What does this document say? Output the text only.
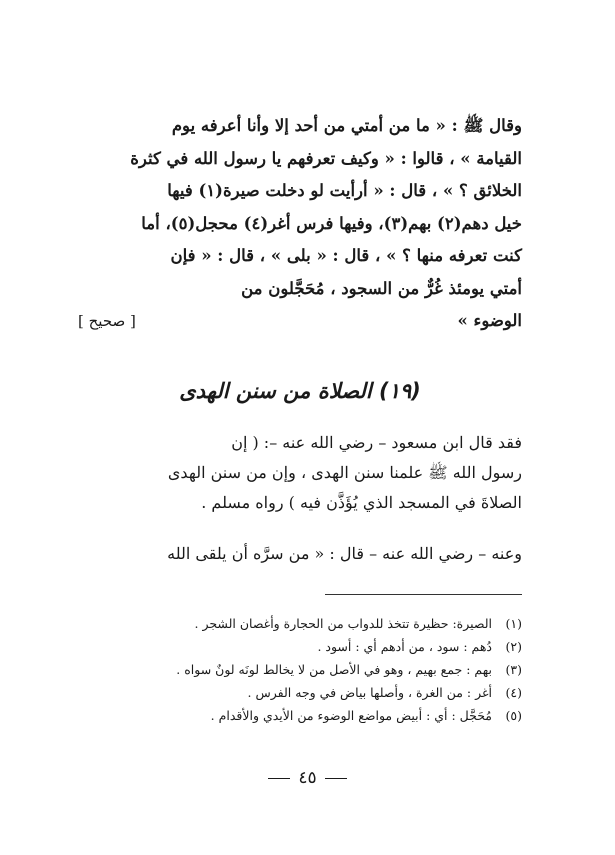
وقال ﷺ : « ما من أمتي من أحد إلا وأنا أعرفه يوم
القيامة » ، قالوا : « وكيف تعرفهم يا رسول الله في كثرة
الخلائق ؟ » ، قال : « أرأيت لو دخلت صيرة(١) فيها
خيل دهم(٢) بهم(٣)، وفيها فرس أغر(٤) محجل(٥)، أما
كنت تعرفه منها ؟ » ، قال : « بلى » ، قال : « فإن
أمتي يومئذ غُرٌّ من السجود ، مُحَجَّلون من
الوضوء »
[ صحيح ]
(١٩) الصلاة من سنن الهدى
فقد قال ابن مسعود – رضي الله عنه –: ( إن
رسول الله ﷺ علمنا سنن الهدى ، وإن من سنن الهدى
الصلاةَ في المسجد الذي يُؤَذَّن فيه ) رواه مسلم .
وعنه – رضي الله عنه – قال : « من سرَّه أن يلقى الله
(١)
الصيرة: حظيرة تتخذ للدواب من الحجارة وأغصان الشجر .
(٢)
دُهم : سود ، من أدهم أي : أسود .
(٣)
بهم : جمع بهيم ، وهو في الأصل من لا يخالط لونَه لونٌ سواه .
(٤)
أغر : من الغرة ، وأصلها بياض في وجه الفرس .
(٥)
مُحَجَّل : أي : أبيض مواضع الوضوء من الأيدي والأقدام .
٤٥
